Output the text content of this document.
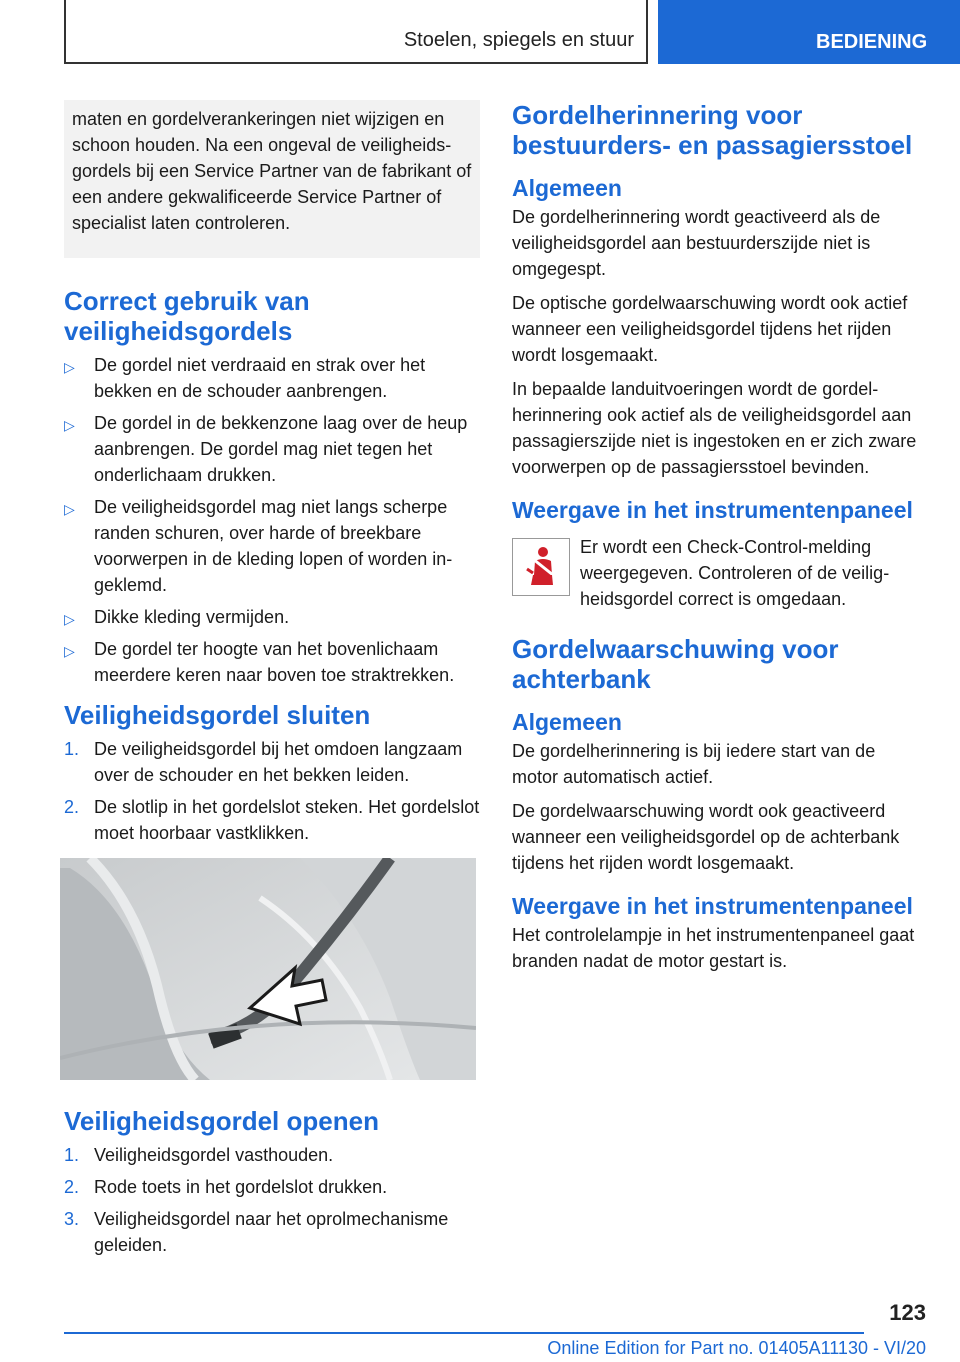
Stoelen, spiegels en stuur	BEDIENING
maten en gordelverankeringen niet wijzigen en schoon houden. Na een ongeval de veiligheidsgordels bij een Service Partner van de fabrikant of een andere gekwalificeerde Service Partner of specialist laten controleren.
Correct gebruik van veiligheidsgordels
▷ De gordel niet verdraaid en strak over het bekken en de schouder aanbrengen.
▷ De gordel in de bekkenzone laag over de heup aanbrengen. De gordel mag niet tegen het onderlichaam drukken.
▷ De veiligheidsgordel mag niet langs scherpe randen schuren, over harde of breekbare voorwerpen in de kleding lopen of worden ingeklemd.
▷ Dikke kleding vermijden.
▷ De gordel ter hoogte van het bovenlichaam meerdere keren naar boven toe straktrekken.
Veiligheidsgordel sluiten
1. De veiligheidsgordel bij het omdoen langzaam over de schouder en het bekken leiden.
2. De slotlip in het gordelslot steken. Het gordelslot moet hoorbaar vastklikken.
Veiligheidsgordel openen
1. Veiligheidsgordel vasthouden.
2. Rode toets in het gordelslot drukken.
3. Veiligheidsgordel naar het oprolmechanisme geleiden.
Gordelherinnering voor bestuurders- en passagiersstoel
Algemeen

De gordelherinnering wordt geactiveerd als de veiligheidsgordel aan bestuurderszijde niet is omgegespt.

De optische gordelwaarschuwing wordt ook actief wanneer een veiligheidsgordel tijdens het rijden wordt losgemaakt.

In bepaalde landuitvoeringen wordt de gordelherinnering ook actief als de veiligheidsgordel aan passagierszijde niet is ingestoken en er zich zware voorwerpen op de passagiersstoel bevinden.

Weergave in het instrumentenpaneel
Er wordt een Check-Control-melding weergegeven. Controleren of de veiligheidsgordel correct is omgedaan.
Gordelwaarschuwing voor achterbank
Algemeen

De gordelherinnering is bij iedere start van de motor automatisch actief.

De gordelwaarschuwing wordt ook geactiveerd wanneer een veiligheidsgordel op de achterbank tijdens het rijden wordt losgemaakt.

Weergave in het instrumentenpaneel

Het controlelampje in het instrumentenpaneel gaat branden nadat de motor gestart is.

123
Online Edition for Part no. 01405A11130 - VI/20
